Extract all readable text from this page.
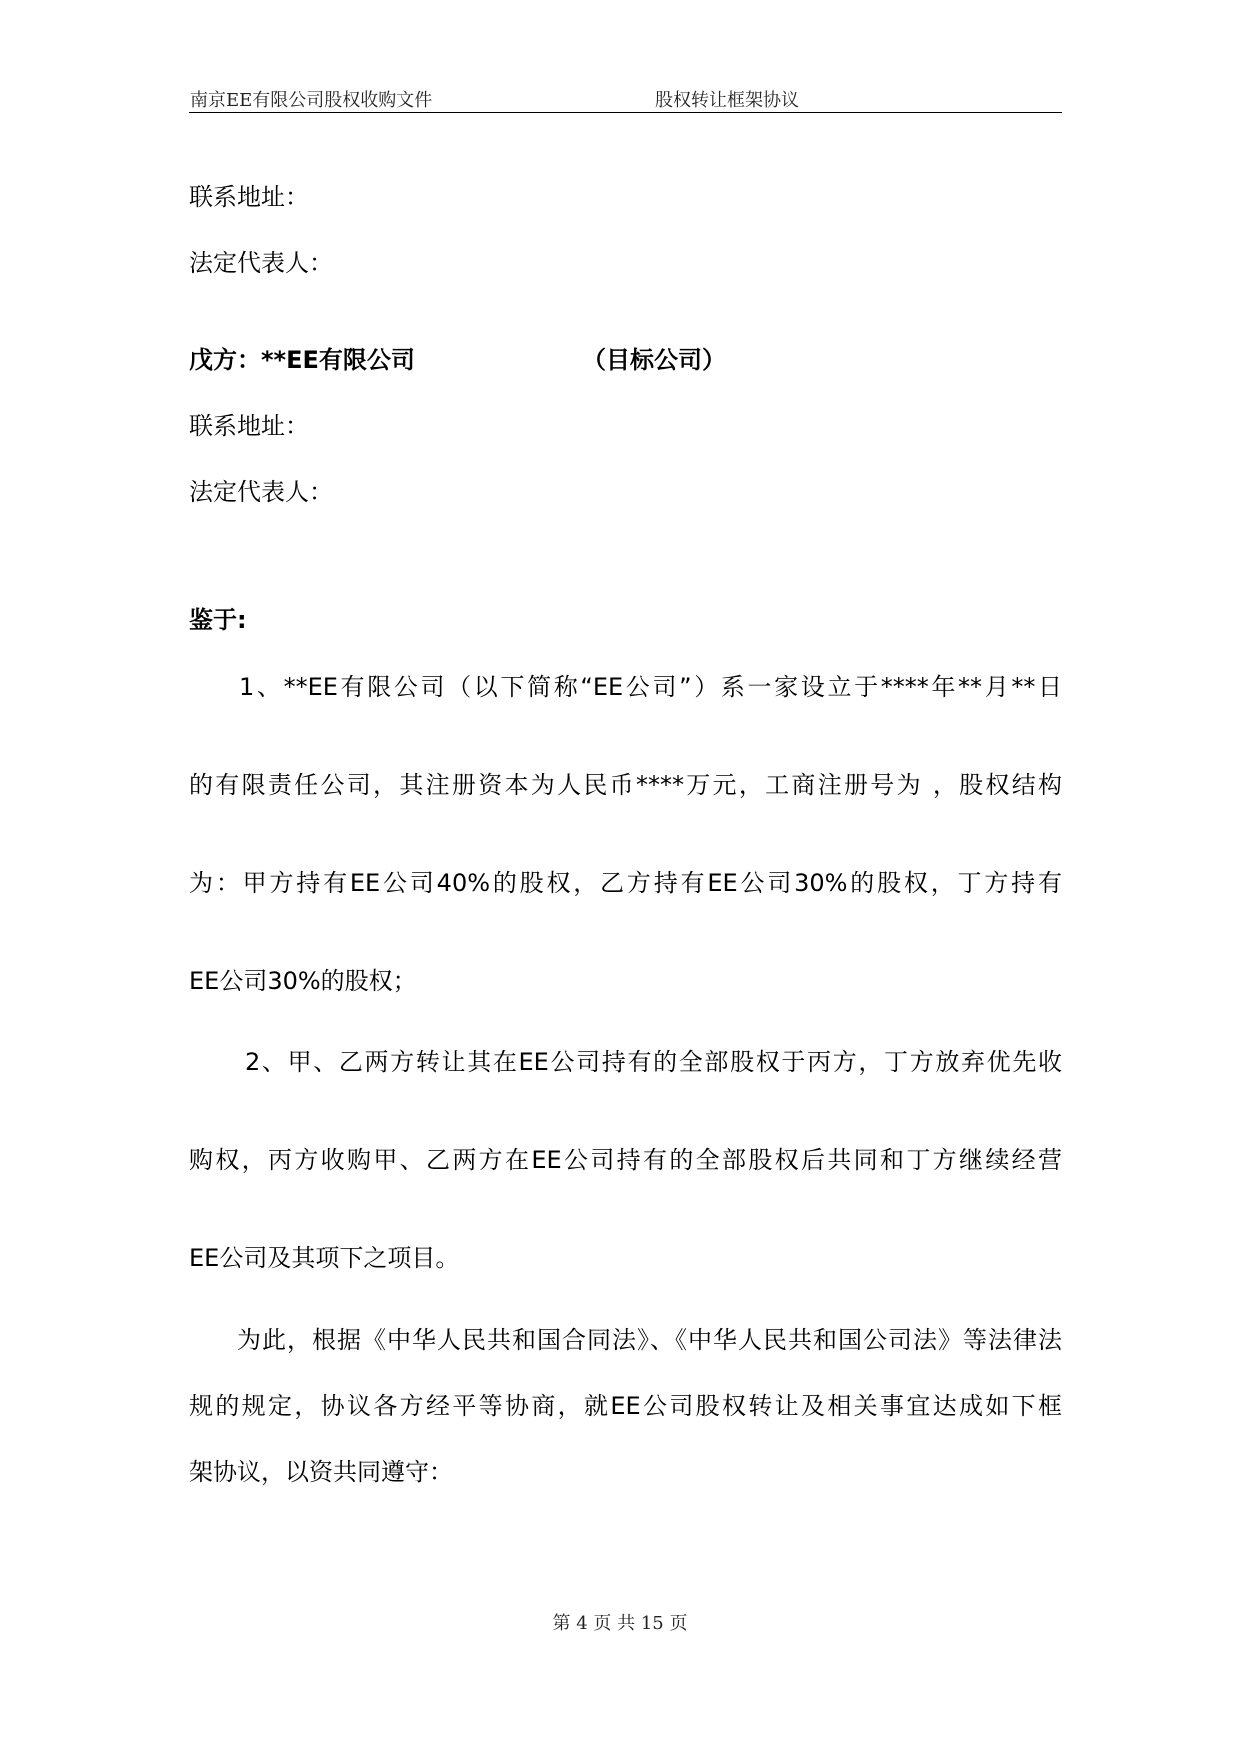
南京EE有限公司股权收购文件	股权转让框架协议

联系地址：

法定代表人：

戊方：**EE有限公司	（目标公司）

联系地址：

法定代表人：

鉴于:

1、**EE有限公司（以下简称“EE公司”）系一家设立于****年**月**日

的有限责任公司，其注册资本为人民币****万元，工商注册号为 ，股权结构

为：甲方持有EE公司40%的股权，乙方持有EE公司30%的股权，丁方持有

EE公司30%的股权；

2、甲、乙两方转让其在EE公司持有的全部股权于丙方，丁方放弃优先收

购权，丙方收购甲、乙两方在EE公司持有的全部股权后共同和丁方继续经营

EE公司及其项下之项目。

为此，根据《中华人民共和国合同法》、《中华人民共和国公司法》等法律法

规的规定，协议各方经平等协商，就EE公司股权转让及相关事宜达成如下框

架协议，以资共同遵守：

第 4 页 共 15 页
